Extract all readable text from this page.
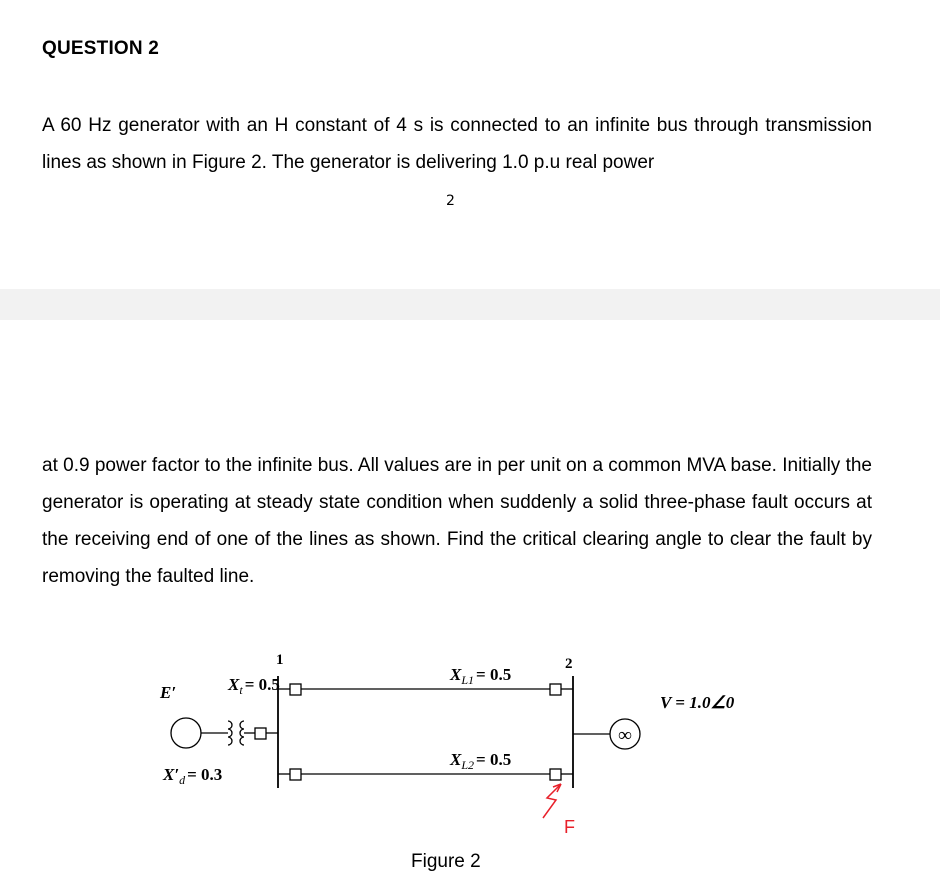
QUESTION 2
A 60 Hz generator with an H constant of 4 s is connected to an infinite bus through transmission lines as shown in Figure 2. The generator is delivering 1.0 p.u real power
2
at 0.9 power factor to the infinite bus. All values are in per unit on a common MVA base. Initially the generator is operating at steady state condition when suddenly a solid three-phase fault occurs at the receiving end of one of the lines as shown. Find the critical clearing angle to clear the fault by removing the faulted line.
1	2
E′	$X_t = 0.5$
$X'_d = 0.3$
$X_{L1} = 0.5$
$X_{L2} = 0.5$
V = 1.0∠0
∞
F
Figure 2
